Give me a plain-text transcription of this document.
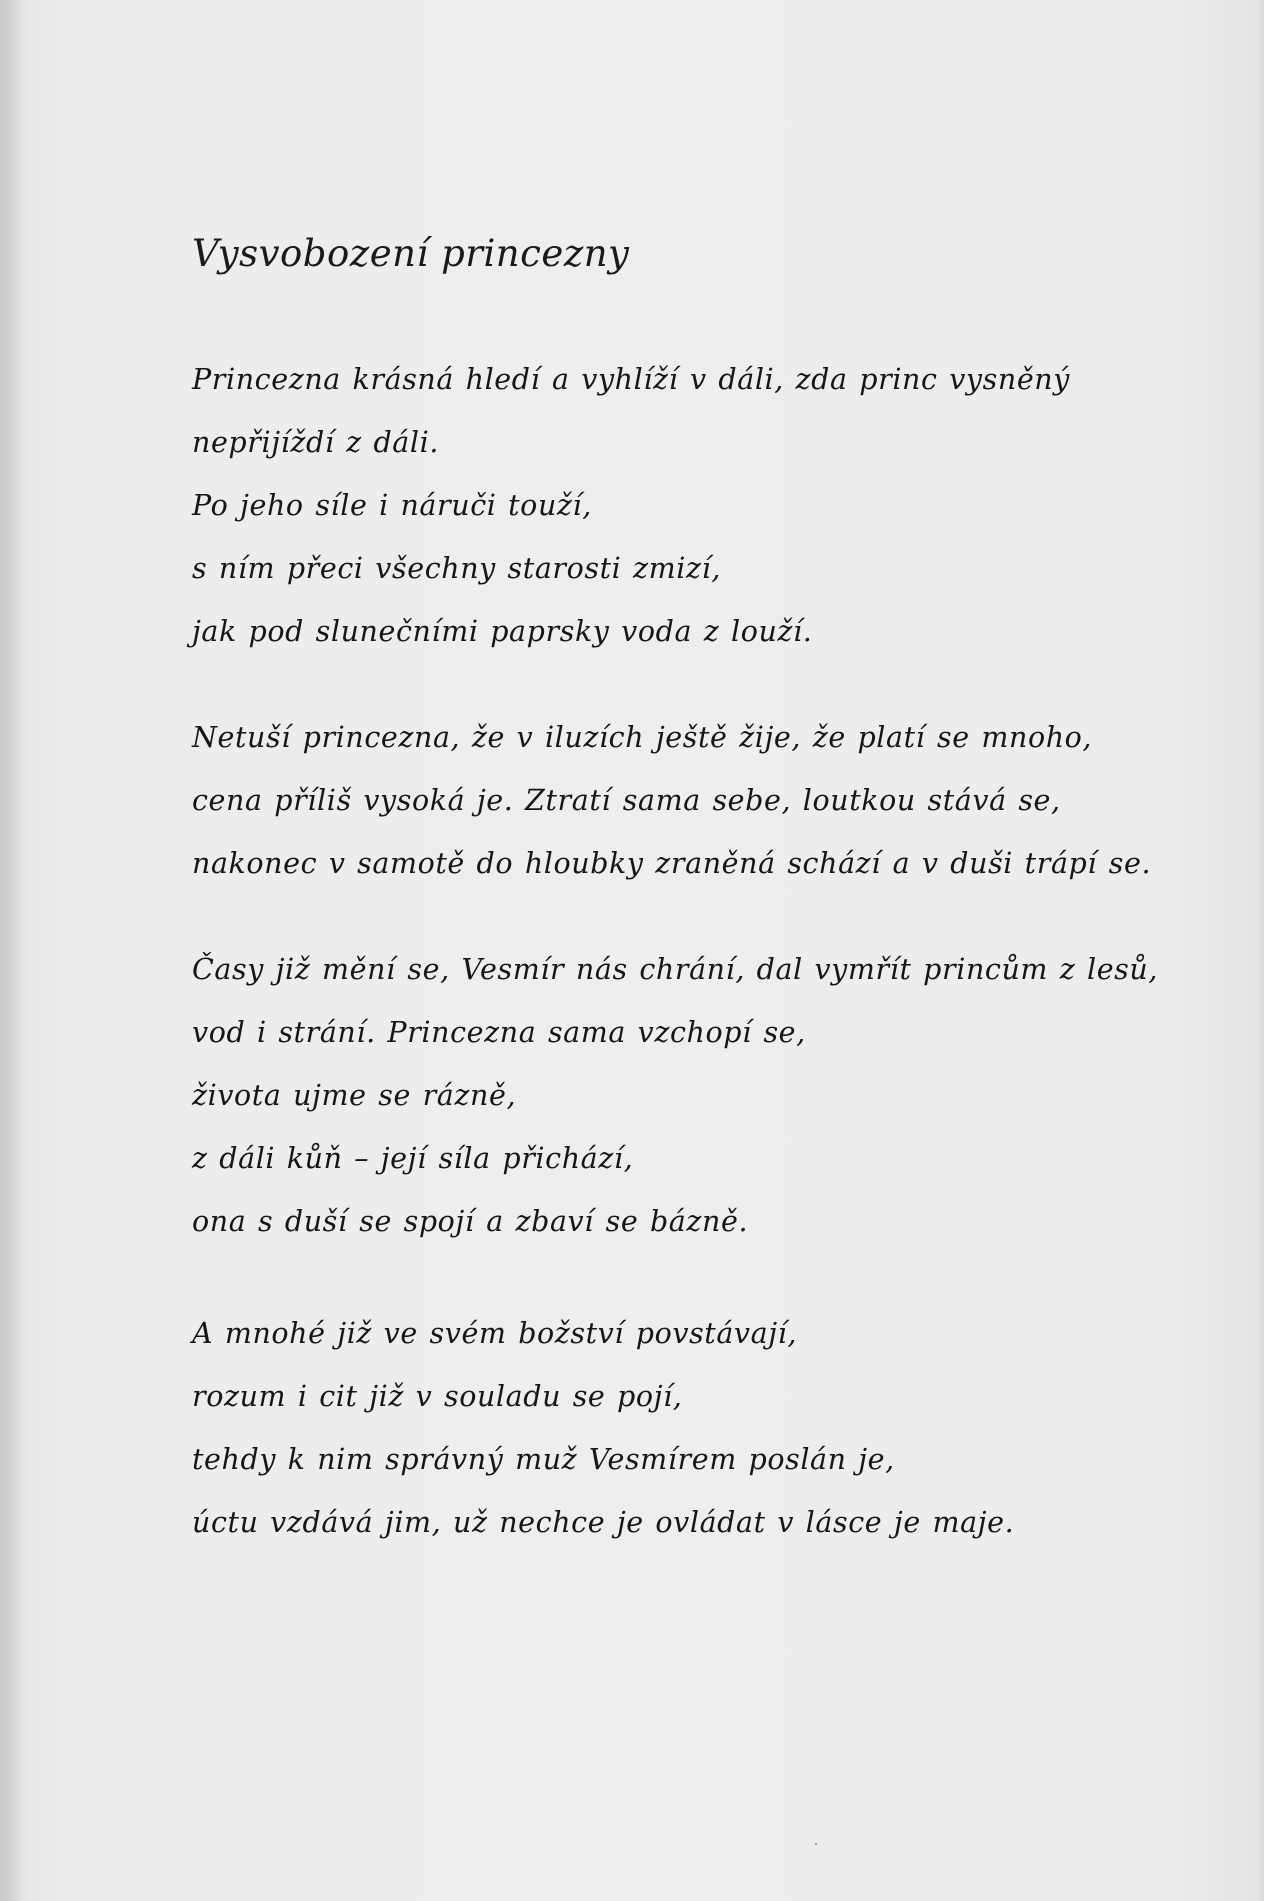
Vysvobození princezny
Princezna krásná hledí a vyhlíží v dáli, zda princ vysněný
nepřijíždí z dáli.
Po jeho síle i náruči touží,
s ním přeci všechny starosti zmizí,
jak pod slunečními paprsky voda z louží.
Netuší princezna, že v iluzích ještě žije, že platí se mnoho,
cena příliš vysoká je. Ztratí sama sebe, loutkou stává se,
nakonec v samotě do hloubky zraněná schází a v duši trápí se.
Časy již mění se, Vesmír nás chrání, dal vymřít princům z lesů,
vod i strání. Princezna sama vzchopí se,
života ujme se rázně,
z dáli kůň – její síla přichází,
ona s duší se spojí a zbaví se bázně.
A mnohé již ve svém božství povstávají,
rozum i cit již v souladu se pojí,
tehdy k nim správný muž Vesmírem poslán je,
úctu vzdává jim, už nechce je ovládat v lásce je maje.
